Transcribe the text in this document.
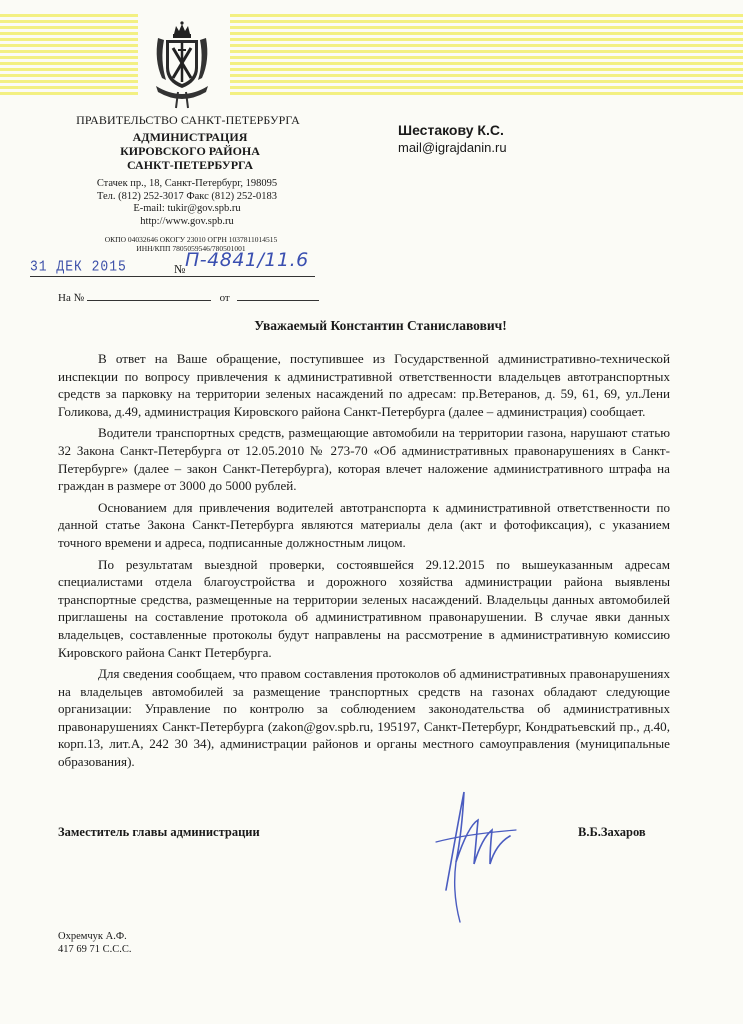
ПРАВИТЕЛЬСТВО САНКТ-ПЕТЕРБУРГА
АДМИНИСТРАЦИЯ
КИРОВСКОГО РАЙОНА
САНКТ-ПЕТЕРБУРГА
Стачек пр., 18, Санкт-Петербург, 198095
Тел. (812) 252-3017 Факс (812) 252-0183
E-mail: tukir@gov.spb.ru
http://www.gov.spb.ru
ОКПО 04032646 ОКОГУ 23010 ОГРН 1037811014515
ИНН/КПП 7805059546/780501001
Шестакову К.С.
mail@igrajdanin.ru
31 ДЕК 2015	№ П-4841/11.6
На №	от
Уважаемый Константин Станиславович!

В ответ на Ваше обращение, поступившее из Государственной административно-технической инспекции по вопросу привлечения к административной ответственности владельцев автотранспортных средств за парковку на территории зеленых насаждений по адресам: пр.Ветеранов, д. 59, 61, 69, ул.Лени Голикова, д.49, администрация Кировского района Санкт-Петербурга (далее – администрация) сообщает.

Водители транспортных средств, размещающие автомобили на территории газона, нарушают статью 32 Закона Санкт-Петербурга от 12.05.2010 № 273-70 «Об административных правонарушениях в Санкт-Петербурге» (далее – закон Санкт-Петербурга), которая влечет наложение административного штрафа на граждан в размере от 3000 до 5000 рублей.

Основанием для привлечения водителей автотранспорта к административной ответственности по данной статье Закона Санкт-Петербурга являются материалы дела (акт и фотофиксация), с указанием точного времени и адреса, подписанные должностным лицом.

По результатам выездной проверки, состоявшейся 29.12.2015 по вышеуказанным адресам специалистами отдела благоустройства и дорожного хозяйства администрации района выявлены транспортные средства, размещенные на территории зеленых насаждений. Владельцы данных автомобилей приглашены на составление протокола об административном правонарушении. В случае явки данных владельцев, составленные протоколы будут направлены на рассмотрение в административную комиссию Кировского района Санкт Петербурга.

Для сведения сообщаем, что правом составления протоколов об административных правонарушениях на владельцев автомобилей за размещение транспортных средств на газонах обладают следующие организации: Управление по контролю за соблюдением законодательства об административных правонарушениях Санкт-Петербурга (zakon@gov.spb.ru, 195197, Санкт-Петербург, Кондратьевский пр., д.40, корп.13, лит.А, 242 30 34), администрации районов и органы местного самоуправления (муниципальные образования).

Заместитель главы администрации	В.Б.Захаров
Охремчук А.Ф.
417 69 71 С.С.С.
